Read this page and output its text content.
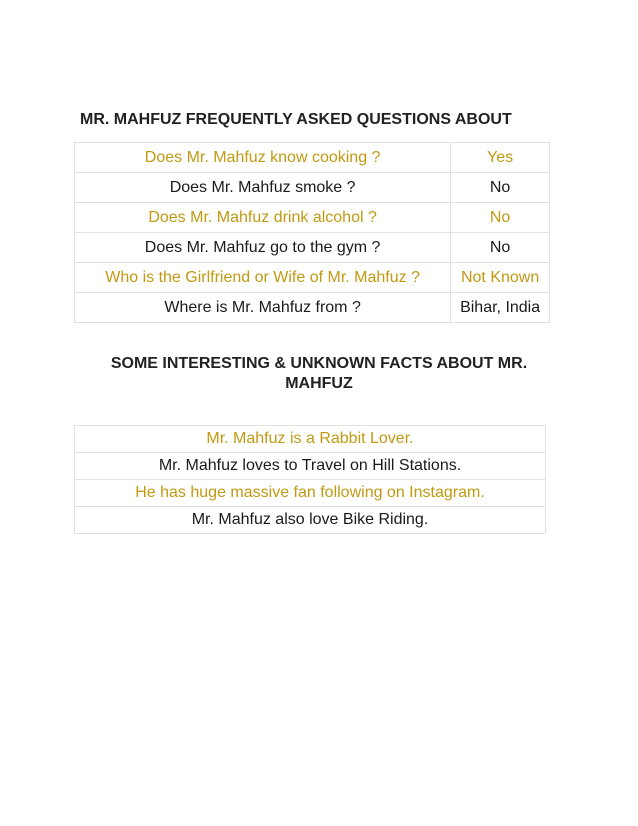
MR. MAHFUZ FREQUENTLY ASKED QUESTIONS ABOUT
Does Mr. Mahfuz know cooking ?	Yes
Does Mr. Mahfuz smoke ?	No
Does Mr. Mahfuz drink alcohol ?	No
Does Mr. Mahfuz go to the gym ?	No
Who is the Girlfriend or Wife of Mr. Mahfuz ?	Not Known
Where is Mr. Mahfuz from ?	Bihar, India
SOME INTERESTING & UNKNOWN FACTS ABOUT MR. MAHFUZ
Mr. Mahfuz is a Rabbit Lover.
Mr. Mahfuz loves to Travel on Hill Stations.
He has huge massive fan following on Instagram.
Mr. Mahfuz also love Bike Riding.
